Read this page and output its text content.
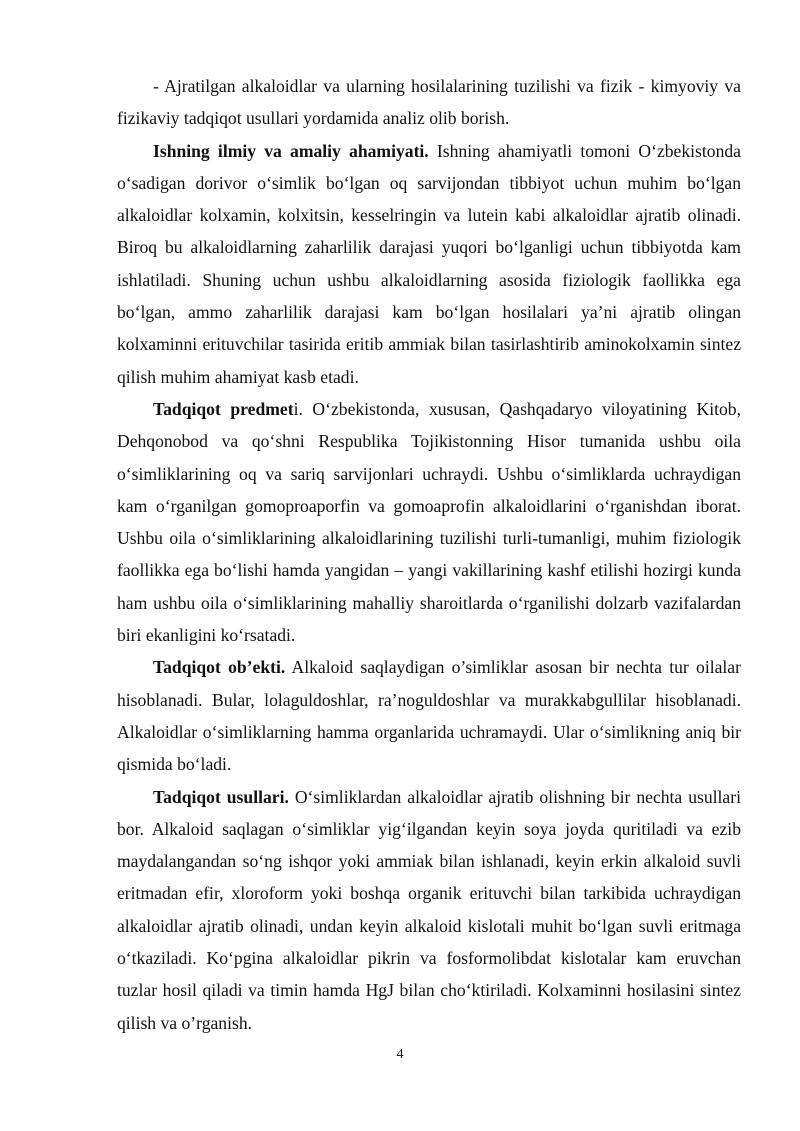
- Ajratilgan alkaloidlar va ularning hosilalarining tuzilishi va fizik - kimyoviy va fizikaviy tadqiqot usullari yordamida analiz olib borish.

Ishning ilmiy va amaliy ahamiyati. Ishning ahamiyatli tomoni O‘zbekistonda o‘sadigan dorivor o‘simlik bo‘lgan oq sarvijondan tibbiyot uchun muhim bo‘lgan alkaloidlar kolxamin, kolxitsin, kesselringin va lutein kabi alkaloidlar ajratib olinadi. Biroq bu alkaloidlarning zaharlilik darajasi yuqori bo‘lganligi uchun tibbiyotda kam ishlatiladi. Shuning uchun ushbu alkaloidlarning asosida fiziologik faollikka ega bo‘lgan, ammo zaharlilik darajasi kam bo‘lgan hosilalari ya’ni ajratib olingan kolxaminni erituvchilar tasirida eritib ammiak bilan tasirlashtirib aminokolxamin sintez qilish muhim ahamiyat kasb etadi.

Tadqiqot predmeti. O‘zbekistonda, xususan, Qashqadaryo viloyatining Kitob, Dehqonobod va qo‘shni Respublika Tojikistonning Hisor tumanida ushbu oila o‘simliklarining oq va sariq sarvijonlari uchraydi. Ushbu o‘simliklarda uchraydigan kam o‘rganilgan gomoproaporfin va gomoaprofin alkaloidlarini o‘rganishdan iborat. Ushbu oila o‘simliklarining alkaloidlarining tuzilishi turli-tumanligi, muhim fiziologik faollikka ega bo‘lishi hamda yangidan – yangi vakillarining kashf etilishi hozirgi kunda ham ushbu oila o‘simliklarining mahalliy sharoitlarda o‘rganilishi dolzarb vazifalardan biri ekanligini ko‘rsatadi.

Tadqiqot ob’ekti. Alkaloid saqlaydigan o’simliklar asosan bir nechta tur oilalar hisoblanadi. Bular, lolaguldoshlar, ra’noguldoshlar va murakkabgullilar hisoblanadi. Alkaloidlar o‘simliklarning hamma organlarida uchramaydi. Ular o‘simlikning aniq bir qismida bo‘ladi.

Tadqiqot usullari. O‘simliklardan alkaloidlar ajratib olishning bir nechta usullari bor. Alkaloid saqlagan o‘simliklar yig‘ilgandan keyin soya joyda quritiladi va ezib maydalangandan so‘ng ishqor yoki ammiak bilan ishlanadi, keyin erkin alkaloid suvli eritmadan efir, xloroform yoki boshqa organik erituvchi bilan tarkibida uchraydigan alkaloidlar ajratib olinadi, undan keyin alkaloid kislotali muhit bo‘lgan suvli eritmaga o‘tkaziladi. Ko‘pgina alkaloidlar pikrin va fosformolibdat kislotalar kam eruvchan tuzlar hosil qiladi va timin hamda HgJ bilan cho‘ktiriladi. Kolxaminni hosilasini sintez qilish va o’rganish.

4
